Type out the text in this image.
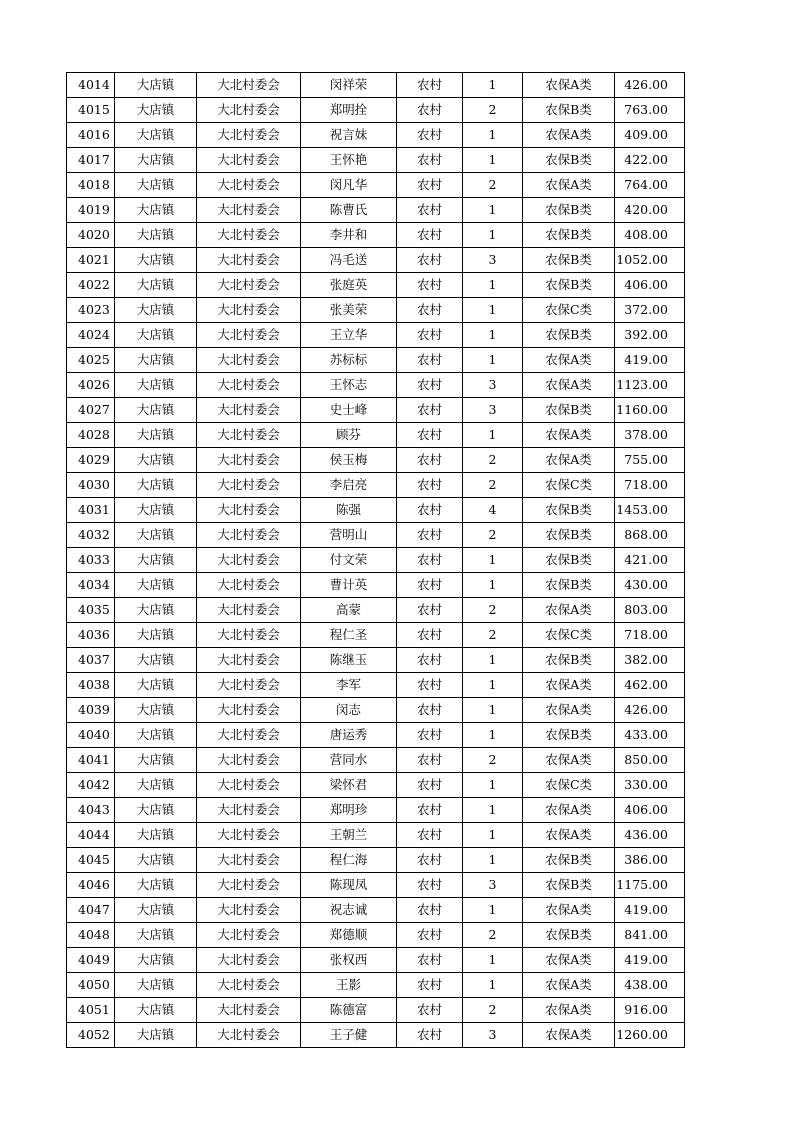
4014	大店镇	大北村委会	闵祥荣	农村	1	农保A类	426.00
4015	大店镇	大北村委会	郑明拴	农村	2	农保B类	763.00
4016	大店镇	大北村委会	祝言妹	农村	1	农保A类	409.00
4017	大店镇	大北村委会	王怀艳	农村	1	农保B类	422.00
4018	大店镇	大北村委会	闵凡华	农村	2	农保A类	764.00
4019	大店镇	大北村委会	陈曹氏	农村	1	农保B类	420.00
4020	大店镇	大北村委会	李井和	农村	1	农保B类	408.00
4021	大店镇	大北村委会	冯毛送	农村	3	农保B类	1052.00
4022	大店镇	大北村委会	张庭英	农村	1	农保B类	406.00
4023	大店镇	大北村委会	张美荣	农村	1	农保C类	372.00
4024	大店镇	大北村委会	王立华	农村	1	农保B类	392.00
4025	大店镇	大北村委会	苏标标	农村	1	农保A类	419.00
4026	大店镇	大北村委会	王怀志	农村	3	农保A类	1123.00
4027	大店镇	大北村委会	史士峰	农村	3	农保B类	1160.00
4028	大店镇	大北村委会	顾芬	农村	1	农保A类	378.00
4029	大店镇	大北村委会	侯玉梅	农村	2	农保A类	755.00
4030	大店镇	大北村委会	李启亮	农村	2	农保C类	718.00
4031	大店镇	大北村委会	陈强	农村	4	农保B类	1453.00
4032	大店镇	大北村委会	营明山	农村	2	农保B类	868.00
4033	大店镇	大北村委会	付文荣	农村	1	农保B类	421.00
4034	大店镇	大北村委会	曹计英	农村	1	农保B类	430.00
4035	大店镇	大北村委会	高蒙	农村	2	农保A类	803.00
4036	大店镇	大北村委会	程仁圣	农村	2	农保C类	718.00
4037	大店镇	大北村委会	陈继玉	农村	1	农保B类	382.00
4038	大店镇	大北村委会	李军	农村	1	农保A类	462.00
4039	大店镇	大北村委会	闵志	农村	1	农保A类	426.00
4040	大店镇	大北村委会	唐运秀	农村	1	农保B类	433.00
4041	大店镇	大北村委会	营同水	农村	2	农保A类	850.00
4042	大店镇	大北村委会	梁怀君	农村	1	农保C类	330.00
4043	大店镇	大北村委会	郑明珍	农村	1	农保A类	406.00
4044	大店镇	大北村委会	王朝兰	农村	1	农保A类	436.00
4045	大店镇	大北村委会	程仁海	农村	1	农保B类	386.00
4046	大店镇	大北村委会	陈现凤	农村	3	农保B类	1175.00
4047	大店镇	大北村委会	祝志诚	农村	1	农保A类	419.00
4048	大店镇	大北村委会	郑德顺	农村	2	农保B类	841.00
4049	大店镇	大北村委会	张权西	农村	1	农保A类	419.00
4050	大店镇	大北村委会	王影	农村	1	农保A类	438.00
4051	大店镇	大北村委会	陈德富	农村	2	农保A类	916.00
4052	大店镇	大北村委会	王子健	农村	3	农保A类	1260.00
